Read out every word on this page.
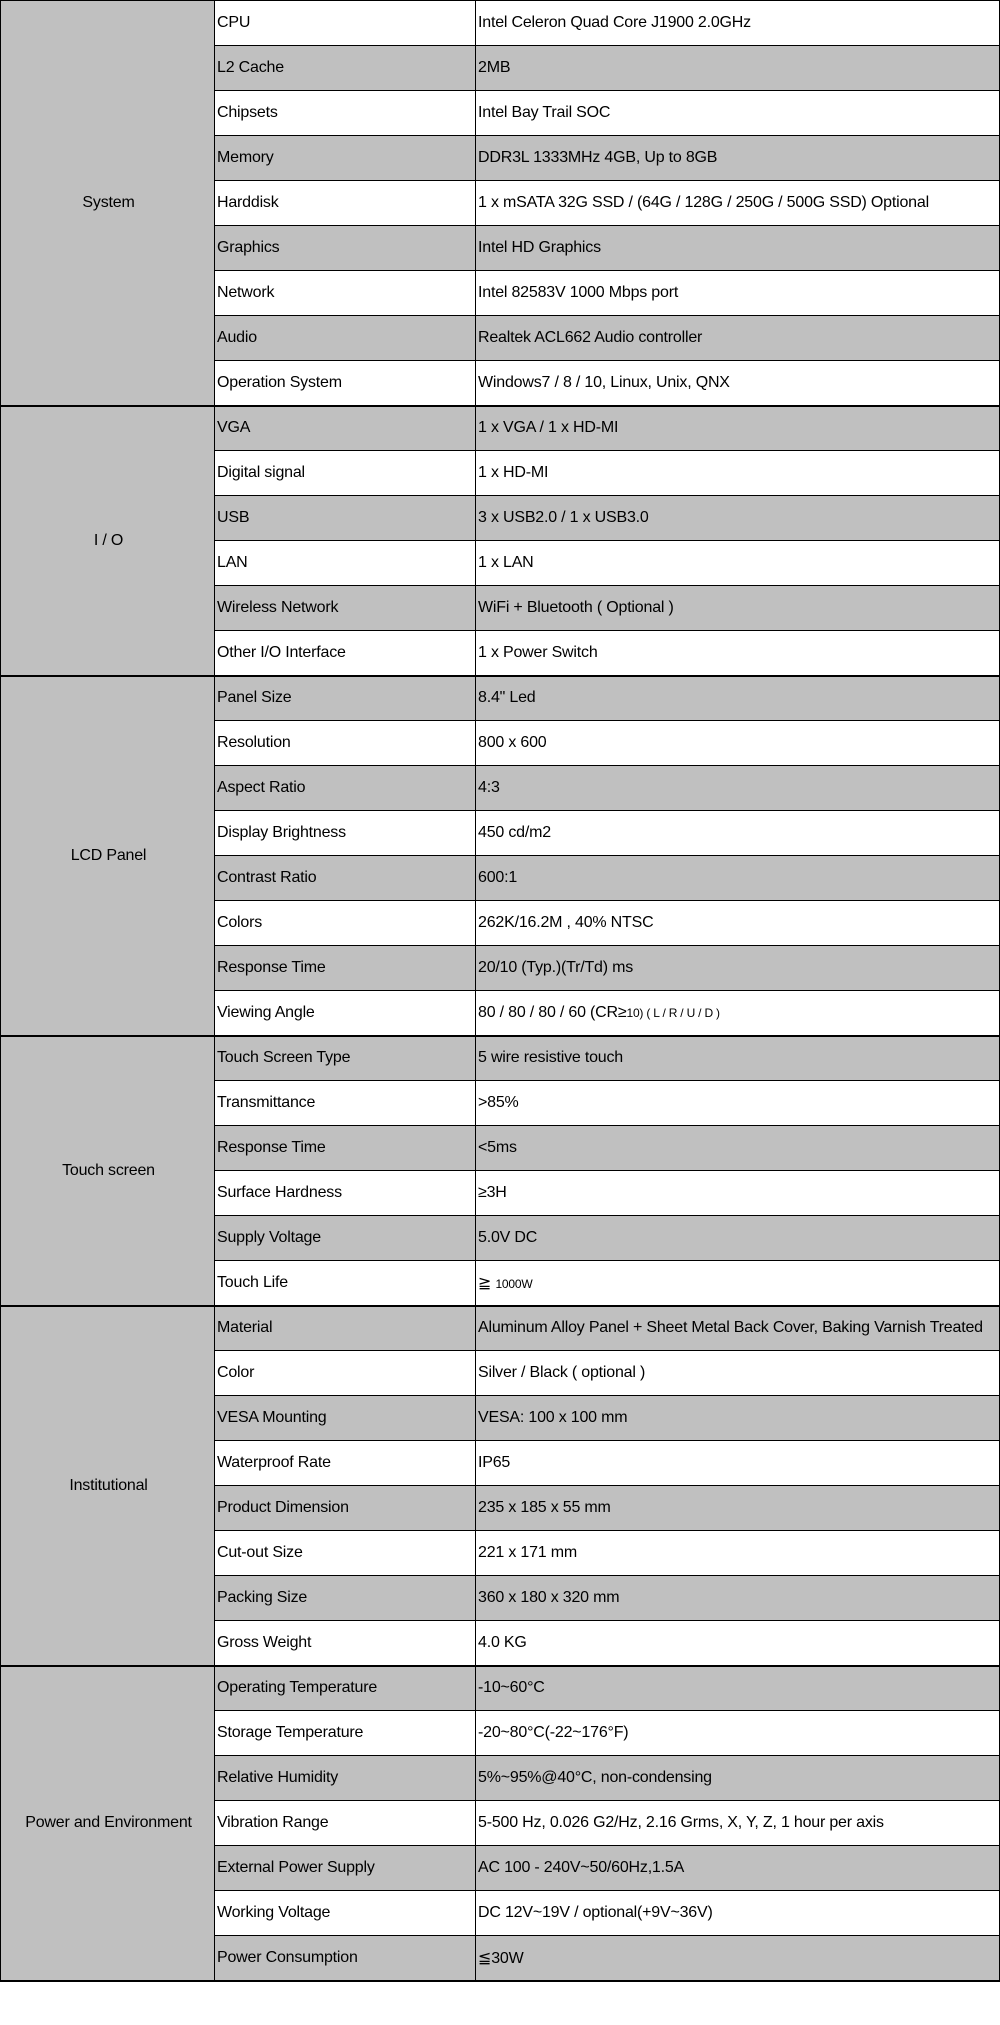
System	CPU	Intel Celeron Quad Core J1900 2.0GHz
	L2 Cache	2MB
	Chipsets	Intel Bay Trail SOC
	Memory	DDR3L 1333MHz 4GB, Up to 8GB
	Harddisk	1 x mSATA 32G SSD / (64G / 128G / 250G / 500G SSD) Optional
	Graphics	Intel HD Graphics
	Network	Intel 82583V 1000 Mbps port
	Audio	Realtek ACL662 Audio controller
	Operation System	Windows7 / 8 / 10, Linux, Unix, QNX
I / O	VGA	1 x VGA / 1 x HD-MI
	Digital signal	1 x HD-MI
	USB	3 x USB2.0 / 1 x USB3.0
	LAN	1 x LAN
	Wireless Network	WiFi + Bluetooth ( Optional )
	Other I/O Interface	1 x Power Switch
LCD Panel	Panel Size	8.4" Led
	Resolution	800 x 600
	Aspect Ratio	4:3
	Display Brightness	450 cd/m2
	Contrast Ratio	600:1
	Colors	262K/16.2M , 40% NTSC
	Response Time	20/10 (Typ.)(Tr/Td) ms
	Viewing Angle	80 / 80 / 80 / 60 (CR≥10) ( L / R / U / D )
Touch screen	Touch Screen Type	5 wire resistive touch
	Transmittance	>85%
	Response Time	<5ms
	Surface Hardness	≥3H
	Supply Voltage	5.0V DC
	Touch Life	≧ 1000W
Institutional	Material	Aluminum Alloy Panel + Sheet Metal Back Cover, Baking Varnish Treated
	Color	Silver / Black ( optional )
	VESA Mounting	VESA: 100 x 100 mm
	Waterproof Rate	IP65
	Product Dimension	235 x 185 x 55 mm
	Cut-out Size	221 x 171 mm
	Packing Size	360 x 180 x 320 mm
	Gross Weight	4.0 KG
Power and Environment	Operating Temperature	-10~60°C
	Storage Temperature	-20~80°C(-22~176°F)
	Relative Humidity	5%~95%@40°C, non-condensing
	Vibration Range	5-500 Hz, 0.026 G2/Hz, 2.16 Grms, X, Y, Z, 1 hour per axis
	External Power Supply	AC 100 - 240V~50/60Hz,1.5A
	Working Voltage	DC 12V~19V / optional(+9V~36V)
	Power Consumption	≦30W
